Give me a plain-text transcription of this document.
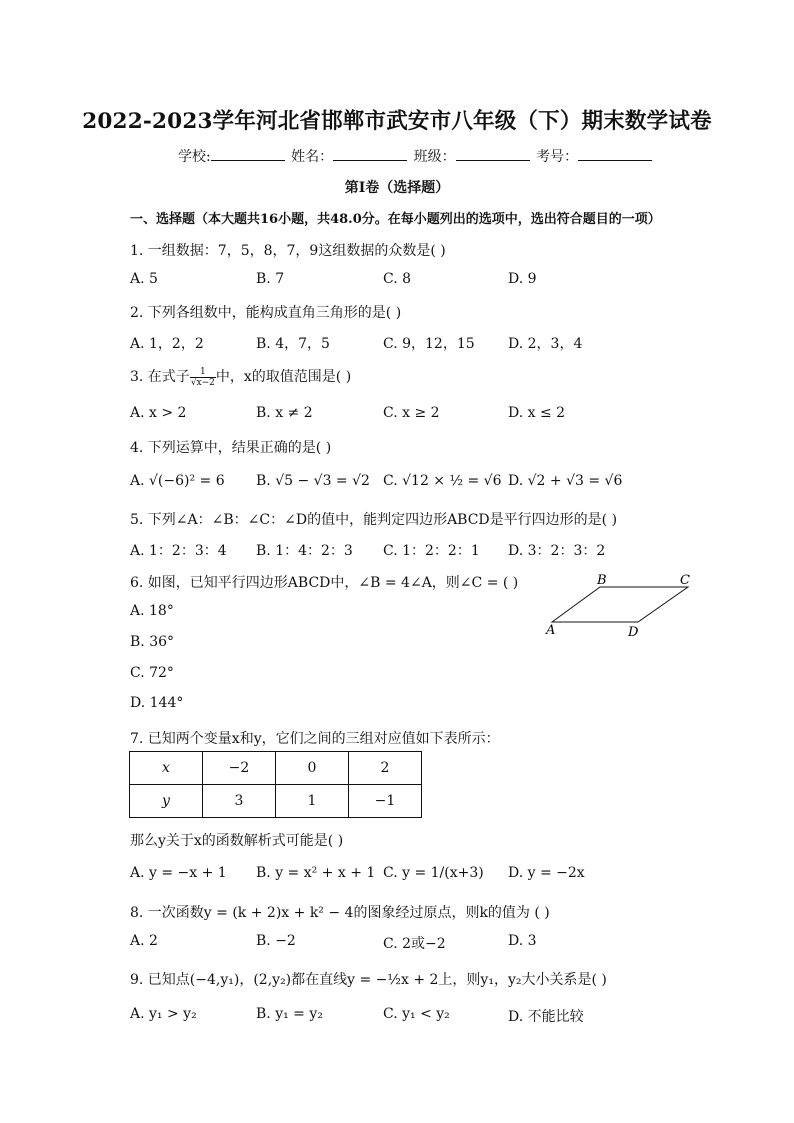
2022-2023学年河北省邯郸市武安市八年级（下）期末数学试卷
学校:	姓名：	班级：	考号：
第Ⅰ卷（选择题）
一、选择题（本大题共16小题，共48.0分。在每小题列出的选项中，选出符合题目的一项）
1. 一组数据：7，5，8，7，9这组数据的众数是( )
A. 5	B. 7	C. 8	D. 9
2. 下列各组数中，能构成直角三角形的是( )
A. 1，2，2	B. 4，7，5	C. 9，12，15 D. 2，3，4
3. 在式子 $\frac{1}{√x-2}$ 中，x的取值范围是( )
A. x > 2	B. x ≠ 2	C. x ≥ 2	D. x ≤ 2
4. 下列运算中，结果正确的是( )
A. √(−6)² = 6 B. √5 − √3 = √2 C. √12 × ½ = √6 D. √2 + √3 = √6
5. 下列∠A：∠B：∠C：∠D的值中，能判定四边形ABCD是平行四边形的是( )
A. 1：2：3：4 B. 1：4：2：3 C. 1：2：2：1 D. 3：2：3：2
6. 如图，已知平行四边形ABCD中，∠B = 4∠A，则∠C = ( )
A. 18°
B. 36°
C. 72°
D. 144°
B	C
A	D
7. 已知两个变量x和y，它们之间的三组对应值如下表所示：
x	−2	0	2
y	3	1	−1
那么y关于x的函数解析式可能是( )
A. y = −x + 1 B. y = x² + x + 1 C. y = 1/(x+3) D. y = −2x
8. 一次函数y = (k + 2)x + k² − 4的图象经过原点，则k的值为 ( )
A. 2	B. −2	C. 2或−2	D. 3
9. 已知点(−4,y₁)，(2,y₂)都在直线y = −½x + 2上，则y₁，y₂大小关系是( )
A. y₁ > y₂	B. y₁ = y₂	C. y₁ < y₂	D. 不能比较
